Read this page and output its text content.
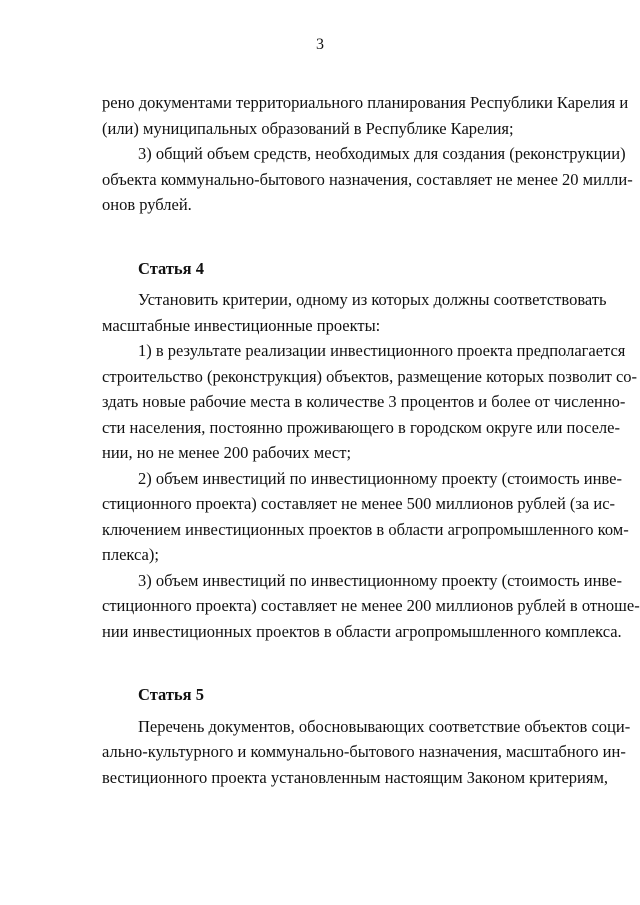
3
рено документами территориального планирования Республики Карелия и
(или) муниципальных образований в Республике Карелия;
3) общий объем средств, необходимых для создания (реконструкции)
объекта коммунально-бытового назначения, составляет не менее 20 милли-
онов рублей.
Статья 4
Установить критерии, одному из которых должны соответствовать
масштабные инвестиционные проекты:
1) в результате реализации инвестиционного проекта предполагается
строительство (реконструкция) объектов, размещение которых позволит со-
здать новые рабочие места в количестве 3 процентов и более от численно-
сти населения, постоянно проживающего в городском округе или поселе-
нии, но не менее 200 рабочих мест;
2) объем инвестиций по инвестиционному проекту (стоимость инве-
стиционного проекта) составляет не менее 500 миллионов рублей (за ис-
ключением инвестиционных проектов в области агропромышленного ком-
плекса);
3) объем инвестиций по инвестиционному проекту (стоимость инве-
стиционного проекта) составляет не менее 200 миллионов рублей в отноше-
нии инвестиционных проектов в области агропромышленного комплекса.
Статья 5
Перечень документов, обосновывающих соответствие объектов соци-
ально-культурного и коммунально-бытового назначения, масштабного ин-
вестиционного проекта установленным настоящим Законом критериям,
